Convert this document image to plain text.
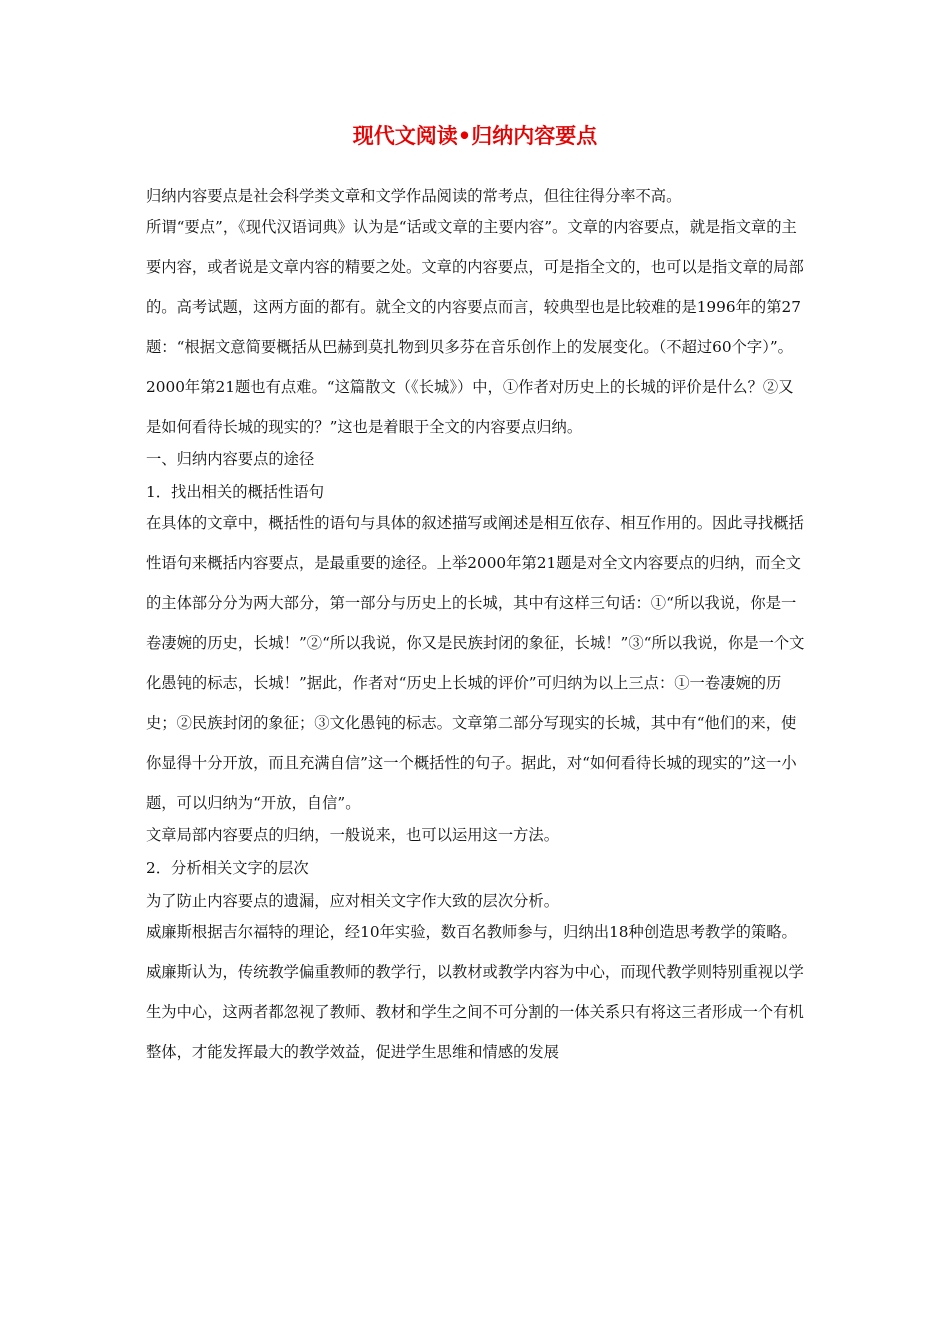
现代文阅读•归纳内容要点

归纳内容要点是社会科学类文章和文学作品阅读的常考点，但往往得分率不高。

所谓“要点”，《现代汉语词典》认为是“话或文章的主要内容”。文章的内容要点，就是指文章的主要内容，或者说是文章内容的精要之处。文章的内容要点，可是指全文的，也可以是指文章的局部的。高考试题，这两方面的都有。就全文的内容要点而言，较典型也是比较难的是1996年的第27题：“根据文意简要概括从巴赫到莫扎物到贝多芬在音乐创作上的发展变化。（不超过60个字）”。2000年第21题也有点难。“这篇散文（《长城》）中，①作者对历史上的长城的评价是什么？②又是如何看待长城的现实的？”这也是着眼于全文的内容要点归纳。

一、归纳内容要点的途径

1．找出相关的概括性语句

在具体的文章中，概括性的语句与具体的叙述描写或阐述是相互依存、相互作用的。因此寻找概括性语句来概括内容要点，是最重要的途径。上举2000年第21题是对全文内容要点的归纳，而全文的主体部分分为两大部分，第一部分与历史上的长城，其中有这样三句话：①“所以我说，你是一卷凄婉的历史，长城！”②“所以我说，你又是民族封闭的象征，长城！”③“所以我说，你是一个文化愚钝的标志，长城！”据此，作者对“历史上长城的评价”可归纳为以上三点：①一卷凄婉的历史；②民族封闭的象征；③文化愚钝的标志。文章第二部分写现实的长城，其中有“他们的来，使你显得十分开放，而且充满自信”这一个概括性的句子。据此，对“如何看待长城的现实的”这一小题，可以归纳为“开放，自信”。

文章局部内容要点的归纳，一般说来，也可以运用这一方法。

2．分析相关文字的层次

为了防止内容要点的遗漏，应对相关文字作大致的层次分析。

威廉斯根据吉尔福特的理论，经10年实验，数百名教师参与，归纳出18种创造思考教学的策略。威廉斯认为，传统教学偏重教师的教学行，以教材或教学内容为中心，而现代教学则特别重视以学生为中心，这两者都忽视了教师、教材和学生之间不可分割的一体关系只有将这三者形成一个有机整体，才能发挥最大的教学效益，促进学生思维和情感的发展
